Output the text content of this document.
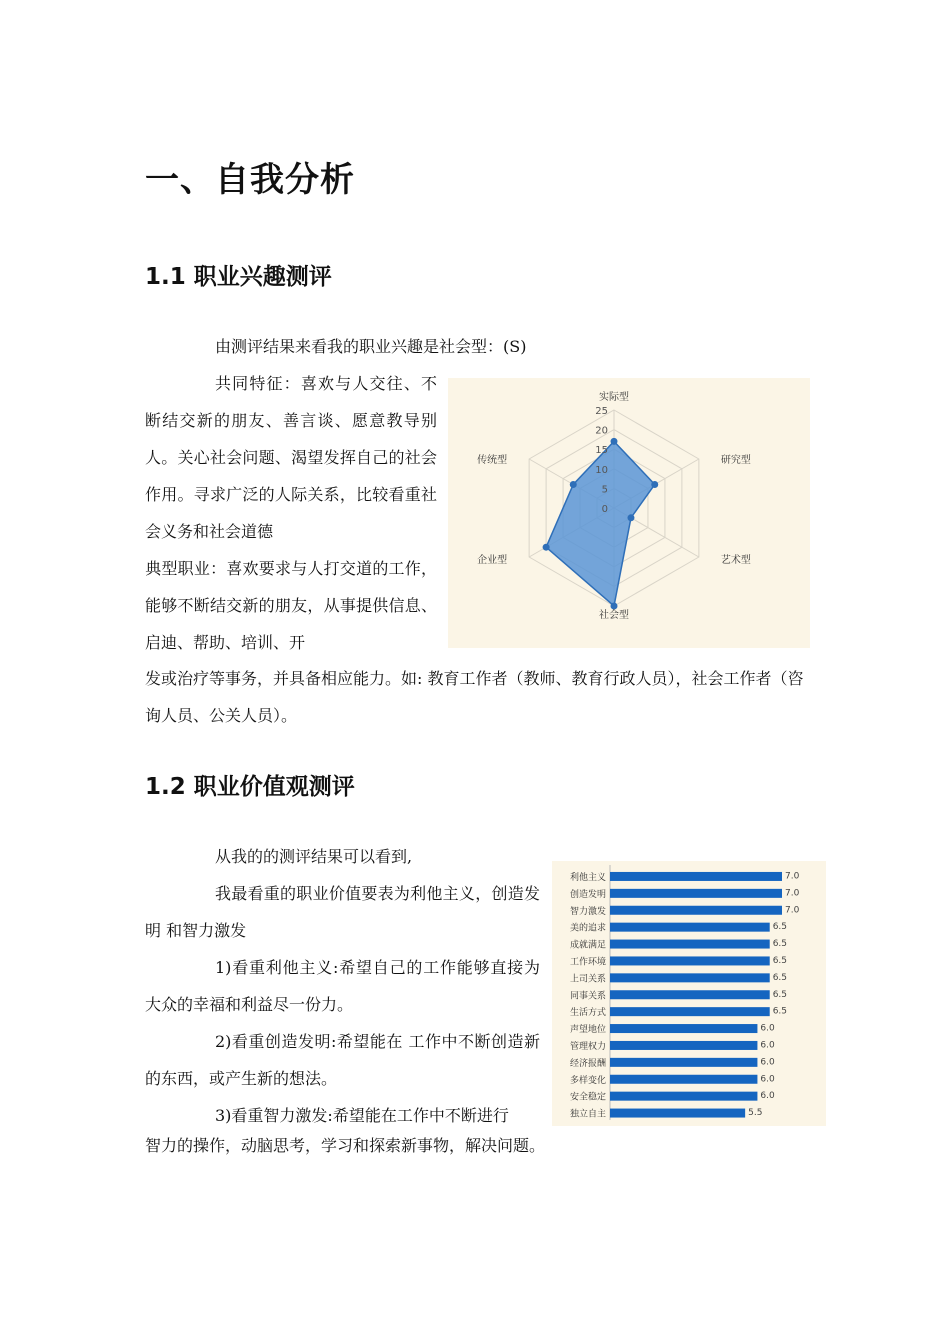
一、自我分析
1.1 职业兴趣测评

由测评结果来看我的职业兴趣是社会型：(S)

共同特征：喜欢与人交往、不断结交新的朋友、善言谈、愿意教导别人。关心社会问题、渴望发挥自己的社会作用。寻求广泛的人际关系，比较看重社会义务和社会道德
典型职业：喜欢要求与人打交道的工作，能够不断结交新的朋友，从事提供信息、启迪、帮助、培训、开

发或治疗等事务，并具备相应能力。如: 教育工作者（教师、教育行政人员），社会工作者（咨询人员、公关人员）。

0
5
10
15
20
25
实际型
研究型
艺术型
社会型
企业型
传统型
1.2 职业价值观测评

从我的的测评结果可以看到,

我最看重的职业价值要表为利他主义，创造发明 和智力激发
1)看重利他主义:希望自己的工作能够直接为大众的幸福和利益尽一份力。
2)看重创造发明:希望能在 工作中不断创造新的东西，或产生新的想法。
3)看重智力激发:希望能在工作中不断进行

智力的操作，动脑思考，学习和探索新事物，解决问题。

利他主义	7.0
创造发明	7.0
智力激发	7.0
美的追求	6.5
成就满足	6.5
工作环境	6.5
上司关系	6.5
同事关系	6.5
生活方式	6.5
声望地位	6.0
管理权力	6.0
经济报酬	6.0
多样变化	6.0
安全稳定	6.0
独立自主	5.5
